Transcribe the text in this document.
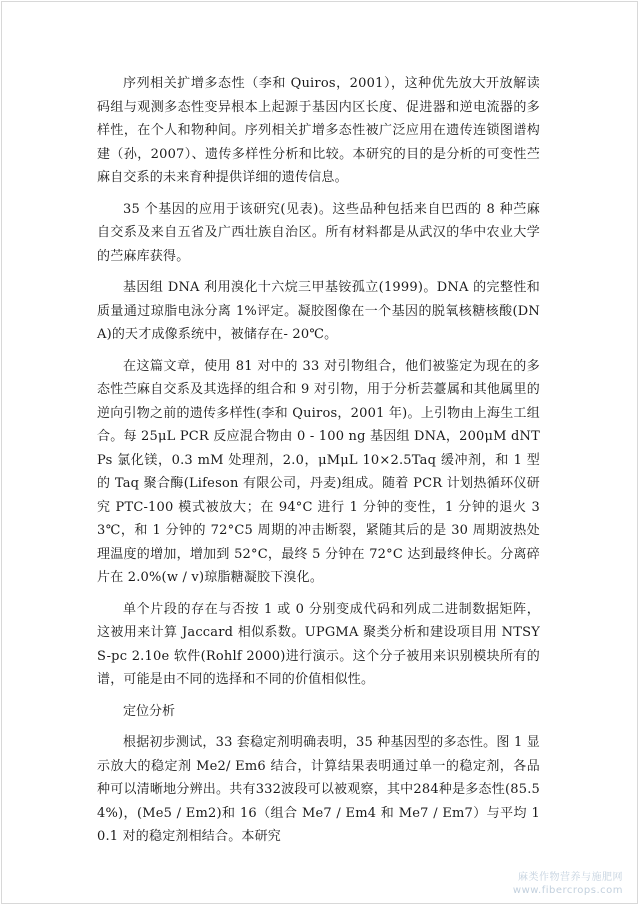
序列相关扩增多态性（李和 Quiros，2001），这种优先放大开放解读码组与观测多态性变异根本上起源于基因内区长度、促进器和逆电流器的多样性，在个人和物种间。序列相关扩增多态性被广泛应用在遗传连锁图谱构建（孙，2007）、遗传多样性分析和比较。本研究的目的是分析的可变性苎麻自交系的未来育种提供详细的遗传信息。

35 个基因的应用于该研究(见表)。这些品种包括来自巴西的 8 种苎麻自交系及来自五省及广西壮族自治区。所有材料都是从武汉的华中农业大学的苎麻库获得。

基因组 DNA 利用溴化十六烷三甲基铵孤立(1999)。DNA 的完整性和质量通过琼脂电泳分离 1%评定。凝胶图像在一个基因的脱氧核糖核酸(DNA)的天才成像系统中，被储存在- 20℃。

在这篇文章，使用 81 对中的 33 对引物组合，他们被鉴定为现在的多态性苎麻自交系及其选择的组合和 9 对引物，用于分析芸薹属和其他属里的逆向引物之前的遗传多样性(李和 Quiros，2001 年)。上引物由上海生工组合。每 25μL PCR 反应混合物由 0 - 100 ng 基因组 DNA，200μM dNTPs 氯化镁，0.3 mM 处理剂，2.0，μMμL 10×2.5Taq 缓冲剂，和 1 型的 Taq 聚合酶(Lifeson 有限公司，丹麦)组成。随着 PCR 计划热循环仪研究 PTC-100 模式被放大；在 94°C 进行 1 分钟的变性，1 分钟的退火 33℃，和 1 分钟的 72°C5 周期的冲击断裂，紧随其后的是 30 周期波热处理温度的增加，增加到 52°C，最终 5 分钟在 72°C 达到最终伸长。分离碎片在 2.0%(w / v)琼脂糖凝胶下溴化。

单个片段的存在与否按 1 或 0 分别变成代码和列成二进制数据矩阵，这被用来计算 Jaccard 相似系数。UPGMA 聚类分析和建设项目用 NTSYS-pc 2.10e 软件(Rohlf 2000)进行演示。这个分子被用来识别模块所有的谱，可能是由不同的选择和不同的价值相似性。

定位分析

根据初步测试，33 套稳定剂明确表明，35 种基因型的多态性。图 1 显示放大的稳定剂 Me2/ Em6 结合，计算结果表明通过单一的稳定剂，各品种可以清晰地分辨出。共有332波段可以被观察，其中284种是多态性(85.54%)，(Me5 / Em2)和 16（组合 Me7 / Em4 和 Me7 / Em7）与平均 10.1 对的稳定剂相结合。本研究

麻类作物营养与施肥网
www.fibercrops.com
